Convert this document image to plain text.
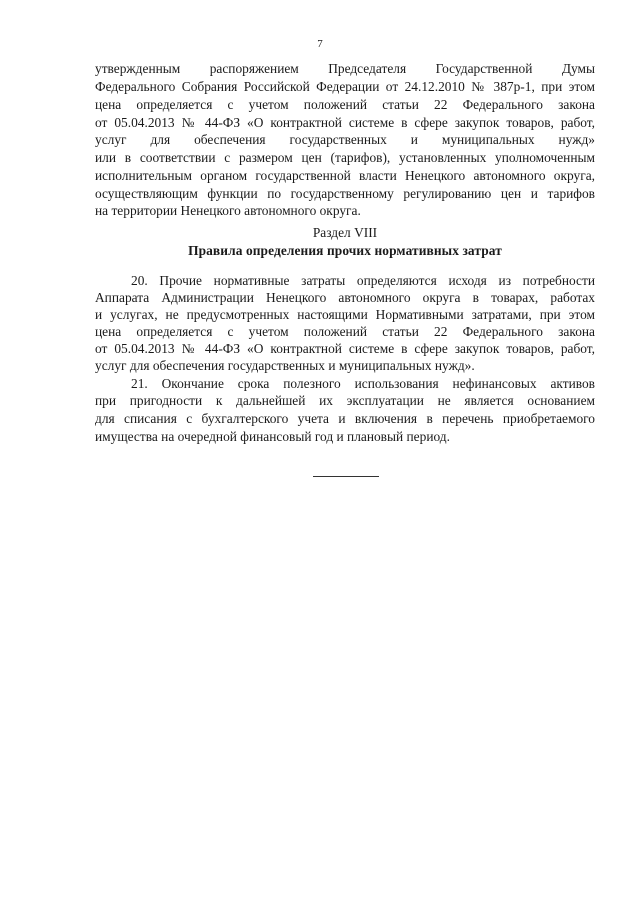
7
утвержденным распоряжением Председателя Государственной Думы
Федерального Собрания Российской Федерации от 24.12.2010 № 387р-1, при этом
цена определяется с учетом положений статьи 22 Федерального закона
от 05.04.2013 № 44-ФЗ «О контрактной системе в сфере закупок товаров, работ,
услуг для обеспечения государственных и муниципальных нужд»
или в соответствии с размером цен (тарифов), установленных уполномоченным
исполнительным органом государственной власти Ненецкого автономного округа,
осуществляющим функции по государственному регулированию цен и тарифов
на территории Ненецкого автономного округа.
Раздел VIII
Правила определения прочих нормативных затрат
20. Прочие нормативные затраты определяются исходя из потребности
Аппарата Администрации Ненецкого автономного округа в товарах, работах
и услугах, не предусмотренных настоящими Нормативными затратами, при этом
цена определяется с учетом положений статьи 22 Федерального закона
от 05.04.2013 № 44-ФЗ «О контрактной системе в сфере закупок товаров, работ,
услуг для обеспечения государственных и муниципальных нужд».
21. Окончание срока полезного использования нефинансовых активов
при пригодности к дальнейшей их эксплуатации не является основанием
для списания с бухгалтерского учета и включения в перечень приобретаемого
имущества на очередной финансовый год и плановый период.
